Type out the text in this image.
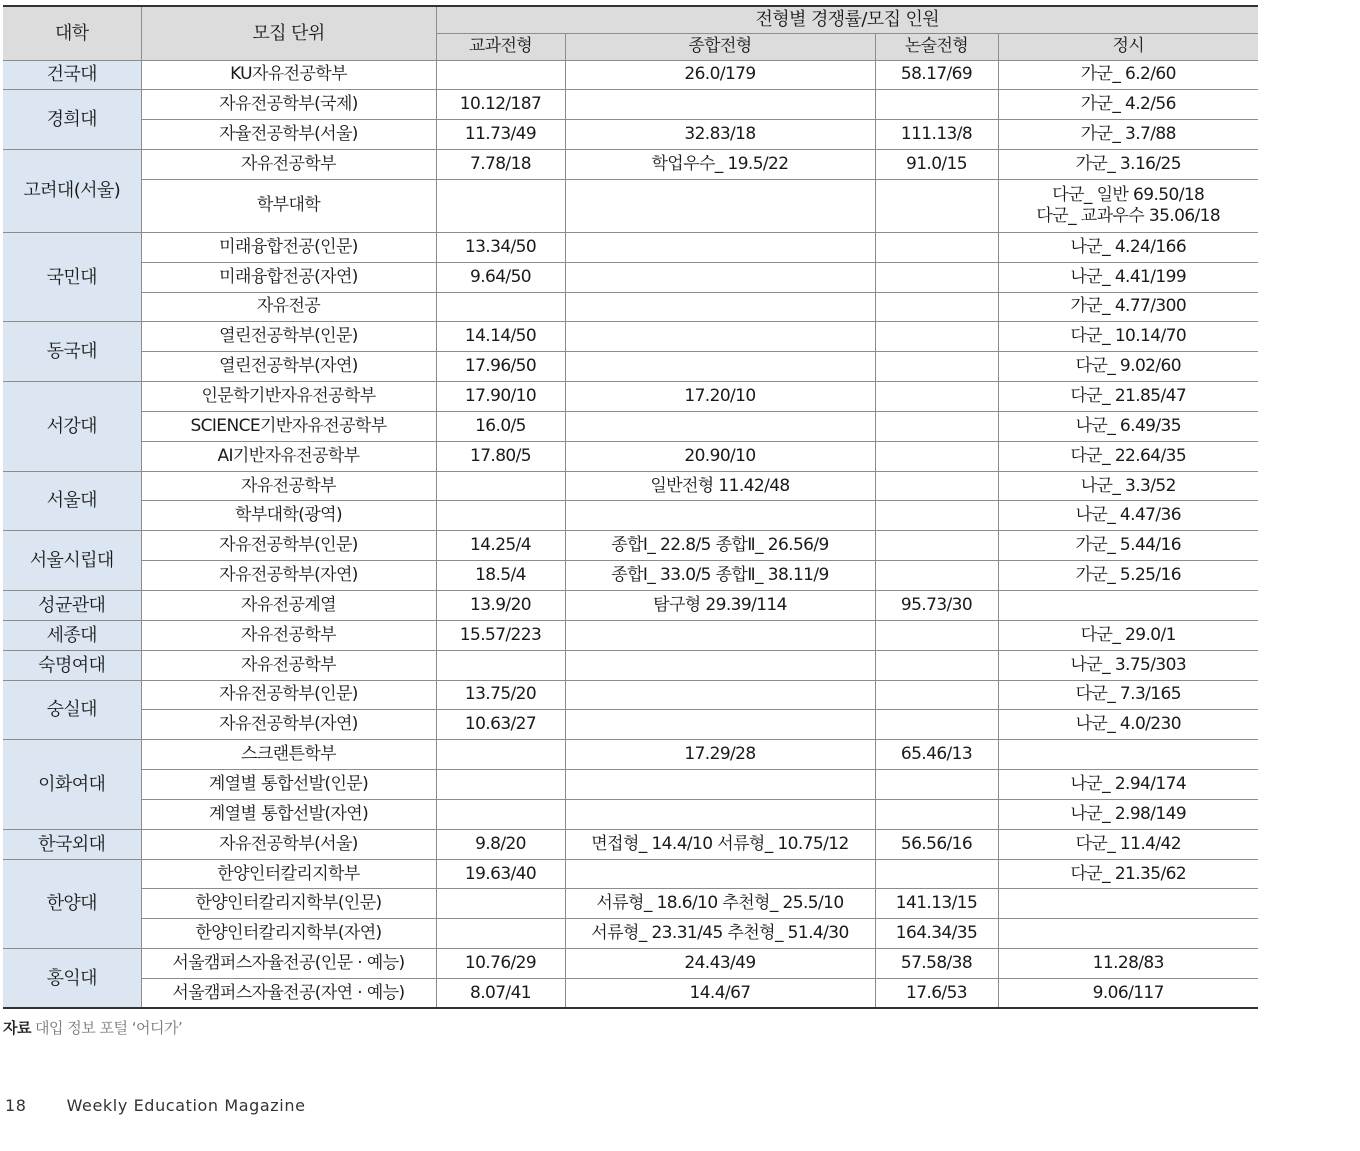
대학	모집 단위	전형별 경쟁률/모집 인원			
		교과전형	종합전형	논술전형	정시
건국대	KU자유전공학부		26.0/179	58.17/69	가군_ 6.2/60
경희대	자유전공학부(국제)	10.12/187			가군_ 4.2/56
	자율전공학부(서울)	11.73/49	32.83/18	111.13/8	가군_ 3.7/88
고려대(서울)	자유전공학부	7.78/18	학업우수_ 19.5/22	91.0/15	가군_ 3.16/25
	학부대학				다군_ 일반 69.50/18
다군_ 교과우수 35.06/18
국민대	미래융합전공(인문)	13.34/50			나군_ 4.24/166
	미래융합전공(자연)	9.64/50			나군_ 4.41/199
	자유전공				가군_ 4.77/300
동국대	열린전공학부(인문)	14.14/50			다군_ 10.14/70
	열린전공학부(자연)	17.96/50			다군_ 9.02/60
서강대	인문학기반자유전공학부	17.90/10	17.20/10		다군_ 21.85/47
	SCIENCE기반자유전공학부	16.0/5			나군_ 6.49/35
	AI기반자유전공학부	17.80/5	20.90/10		다군_ 22.64/35
서울대	자유전공학부		일반전형 11.42/48		나군_ 3.3/52
	학부대학(광역)				나군_ 4.47/36
서울시립대	자유전공학부(인문)	14.25/4	종합Ⅰ_ 22.8/5 종합Ⅱ_ 26.56/9		가군_ 5.44/16
	자유전공학부(자연)	18.5/4	종합Ⅰ_ 33.0/5 종합Ⅱ_ 38.11/9		가군_ 5.25/16
성균관대	자유전공계열	13.9/20	탐구형 29.39/114	95.73/30	
세종대	자유전공학부	15.57/223			다군_ 29.0/1
숙명여대	자유전공학부				나군_ 3.75/303
숭실대	자유전공학부(인문)	13.75/20			다군_ 7.3/165
	자유전공학부(자연)	10.63/27			나군_ 4.0/230
이화여대	스크랜튼학부		17.29/28	65.46/13	
	계열별 통합선발(인문)				나군_ 2.94/174
	계열별 통합선발(자연)				나군_ 2.98/149
한국외대	자유전공학부(서울)	9.8/20	면접형_ 14.4/10 서류형_ 10.75/12	56.56/16	다군_ 11.4/42
한양대	한양인터칼리지학부	19.63/40			다군_ 21.35/62
	한양인터칼리지학부(인문)		서류형_ 18.6/10 추천형_ 25.5/10	141.13/15	
	한양인터칼리지학부(자연)		서류형_ 23.31/45 추천형_ 51.4/30	164.34/35	
홍익대	서울캠퍼스자율전공(인문 · 예능)	10.76/29	24.43/49	57.58/38	11.28/83
	서울캠퍼스자율전공(자연 · 예능)	8.07/41	14.4/67	17.6/53	9.06/117
자료 대입 정보 포털 ‘어디가’
18	Weekly Education Magazine
